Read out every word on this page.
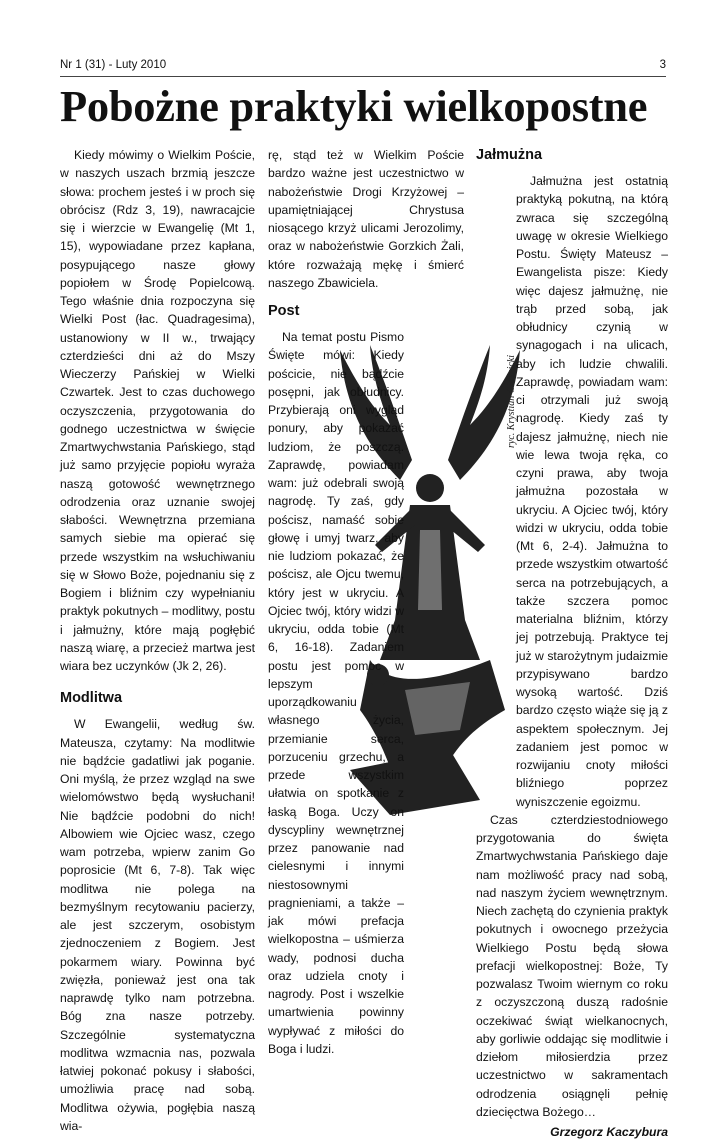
Nr 1 (31) - Luty 2010	3
Pobożne praktyki wielkopostne
ryc. Krystian Głośnicki

Kiedy mówimy o Wielkim Poście, w naszych uszach brzmią jeszcze słowa: prochem jesteś i w proch się obrócisz (Rdz 3, 19), nawracajcie się i wierzcie w Ewangelię (Mt 1, 15), wypowiadane przez kapłana, posypującego nasze głowy popiołem w Środę Popielcową. Tego właśnie dnia rozpoczyna się Wielki Post (łac. Quadragesima), ustanowiony w II w., trwający czterdzieści dni aż do Mszy Wieczerzy Pańskiej w Wielki Czwartek. Jest to czas duchowego oczyszczenia, przygotowania do godnego uczestnictwa w święcie Zmartwychwstania Pańskiego, stąd już samo przyjęcie popiołu wyraża naszą gotowość wewnętrznego odrodzenia oraz uznanie swojej słabości. Wewnętrzna przemiana samych siebie ma opierać się przede wszystkim na wsłuchiwaniu się w Słowo Boże, pojednaniu się z Bogiem i bliźnim czy wypełnianiu praktyk pokutnych – modlitwy, postu i jałmużny, które mają pogłębić naszą wiarę, a przecież martwa jest wiara bez uczynków (Jk 2, 26).

Modlitwa

W Ewangelii, według św. Mateusza, czytamy: Na modlitwie nie bądźcie gadatliwi jak poganie. Oni myślą, że przez wzgląd na swe wielomówstwo będą wysłuchani! Nie bądźcie podobni do nich! Albowiem wie Ojciec wasz, czego wam potrzeba, wpierw zanim Go poprosicie (Mt 6, 7-8). Tak więc modlitwa nie polega na bezmyślnym recytowaniu pacierzy, ale jest szczerym, osobistym zjednoczeniem z Bogiem. Jest pokarmem wiary. Powinna być zwięzła, ponieważ jest ona tak naprawdę tylko nam potrzebna. Bóg zna nasze potrzeby. Szczególnie systematyczna modlitwa wzmacnia nas, pozwala łatwiej pokonać pokusy i słabości, umożliwia pracę nad sobą. Modlitwa ożywia, pogłębia naszą wia-

rę, stąd też w Wielkim Poście bardzo ważne jest uczestnictwo w nabożeństwie Drogi Krzyżowej – upamiętniającej Chrystusa niosącego krzyż ulicami Jerozolimy, oraz w nabożeństwie Gorzkich Żali, które rozważają mękę i śmierć naszego Zbawiciela.

Post

Na temat postu Pismo Święte mówi: Kiedy pościcie, nie bądźcie posępni, jak obłudnicy. Przybierają oni wygląd ponury, aby pokazać ludziom, że poszczą. Zaprawdę, powiadam wam: już odebrali swoją nagrodę. Ty zaś, gdy pościsz, namaść sobie głowę i umyj twarz, aby nie ludziom pokazać, że pościsz, ale Ojcu twemu, który jest w ukryciu. A Ojciec twój, który widzi w ukryciu, odda tobie (Mt 6, 16-18). Zadaniem postu jest pomoc w lepszym uporządkowaniu własnego życia, przemianie serca, porzuceniu grzechu, a przede wszystkim ułatwia on spotkanie z łaską Boga. Uczy on dyscypliny wewnętrznej przez panowanie nad cielesnymi i innymi niestosownymi pragnieniami, a także – jak mówi prefacja wielkopostna – uśmierza wady, podnosi ducha oraz udziela cnoty i nagrody. Post i wszelkie umartwienia powinny wypływać z miłości do Boga i ludzi.

Jałmużna

Jałmużna jest ostatnią praktyką pokutną, na którą zwraca się szczególną uwagę w okresie Wielkiego Postu. Święty Mateusz – Ewangelista pisze: Kiedy więc dajesz jałmużnę, nie trąb przed sobą, jak obłudnicy czynią w synagogach i na ulicach, aby ich ludzie chwalili. Zaprawdę, powiadam wam: ci otrzymali już swoją nagrodę. Kiedy zaś ty dajesz jałmużnę, niech nie wie lewa twoja ręka, co czyni prawa, aby twoja jałmużna pozostała w ukryciu. A Ojciec twój, który widzi w ukryciu, odda tobie (Mt 6, 2-4). Jałmużna to przede wszystkim otwartość serca na potrzebujących, a także szczera pomoc materialna bliźnim, którzy jej potrzebują. Praktyce tej już w starożytnym judaizmie przypisywano bardzo wysoką wartość. Dziś bardzo często wiąże się ją z aspektem społecznym. Jej zadaniem jest pomoc w rozwijaniu cnoty miłości bliźniego poprzez wyniszczenie egoizmu.

Czas czterdziestodniowego przygotowania do święta Zmartwychwstania Pańskiego daje nam możliwość pracy nad sobą, nad naszym życiem wewnętrznym. Niech zachętą do czynienia praktyk pokutnych i owocnego przeżycia Wielkiego Postu będą słowa prefacji wielkopostnej: Boże, Ty pozwalasz Twoim wiernym co roku z oczyszczoną duszą radośnie oczekiwać świąt wielkanocnych, aby gorliwie oddając się modlitwie i dziełom miłosierdzia przez uczestnictwo w sakramentach odrodzenia osiągnęli pełnię dziecięctwa Bożego…

Grzegorz Kaczybura
